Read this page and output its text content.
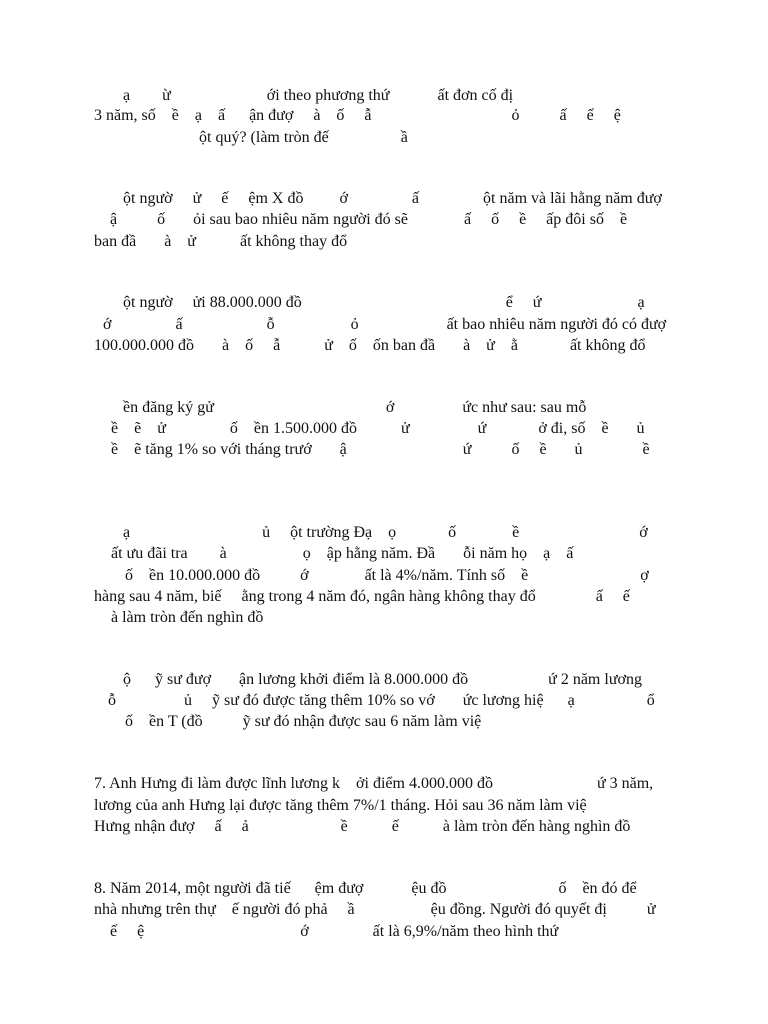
ạ        ừ                        ới theo phương thứ            ất đơn cố đị
3 năm, số    ề    ạ    ấ      ận đượ     à    ố     ẫ                                   ỏ          ấ     ế     ệ
ột quý? (làm tròn đế                  ầ
ột ngườ     ử     ế     ệm X đồ         ớ                ấ                ột năm và lãi hằng năm đượ
ậ          ố       ỏi sau bao nhiêu năm người đó sẽ              ấ     ố     ề     ấp đôi số    ề
ban đầ       à    ử           ất không thay đổ
ột ngườ     ửi 88.000.000 đồ                                                   ể     ứ                        ạ
ớ                ấ                     ỗ                   ỏ                      ất bao nhiêu năm người đó có đượ
100.000.000 đồ       à    ố     ẫ           ử    ố    ốn ban đầ       à    ử    ằ             ất không đổ
ền đăng ký gử                                           ớ                 ức như sau: sau mỗ
ề    ẽ    ử                ố    ền 1.500.000 đồ           ử                 ứ             ở đi, số    ề       ủ
ề    ẽ tăng 1% so với tháng trướ       ậ                             ứ          ố     ề       ủ               ề
ạ                                 ủ     ột trường Đạ    ọ             ố              ề                              ớ
ất ưu đãi tra        à                   ọ    ập hằng năm. Đầ       ỗi năm họ    ạ    ấ
ố    ền 10.000.000 đồ          ớ              ất là 4%/năm. Tính số    ề                            ợ
hàng sau 4 năm, biế     ằng trong 4 năm đó, ngân hàng không thay đổ               ấ     ế
à làm tròn đến nghìn đồ
ộ      ỹ sư đượ       ận lương khởi điểm là 8.000.000 đồ                    ứ 2 năm lương
ỗ                 ủ     ỹ sư đó được tăng thêm 10% so vớ       ức lương hiệ      ạ                  ổ
ố    ền T (đồ          ỹ sư đó nhận được sau 6 năm làm việ
7. Anh Hưng đi làm được lĩnh lương k    ởi điểm 4.000.000 đồ                          ứ 3 năm,
lương của anh Hưng lại được tăng thêm 7%/1 tháng. Hỏi sau 36 năm làm việ
Hưng nhận đượ     ấ     ả                       ề           ế           à làm tròn đến hàng nghìn đồ
8. Năm 2014, một người đã tiế      ệm đượ            ệu đồ                            ố    ền đó để
nhà nhưng trên thự    ế người đó phả     ầ                   ệu đồng. Người đó quyết đị          ử
ế     ệ                                       ớ                ất là 6,9%/năm theo hình thứ
